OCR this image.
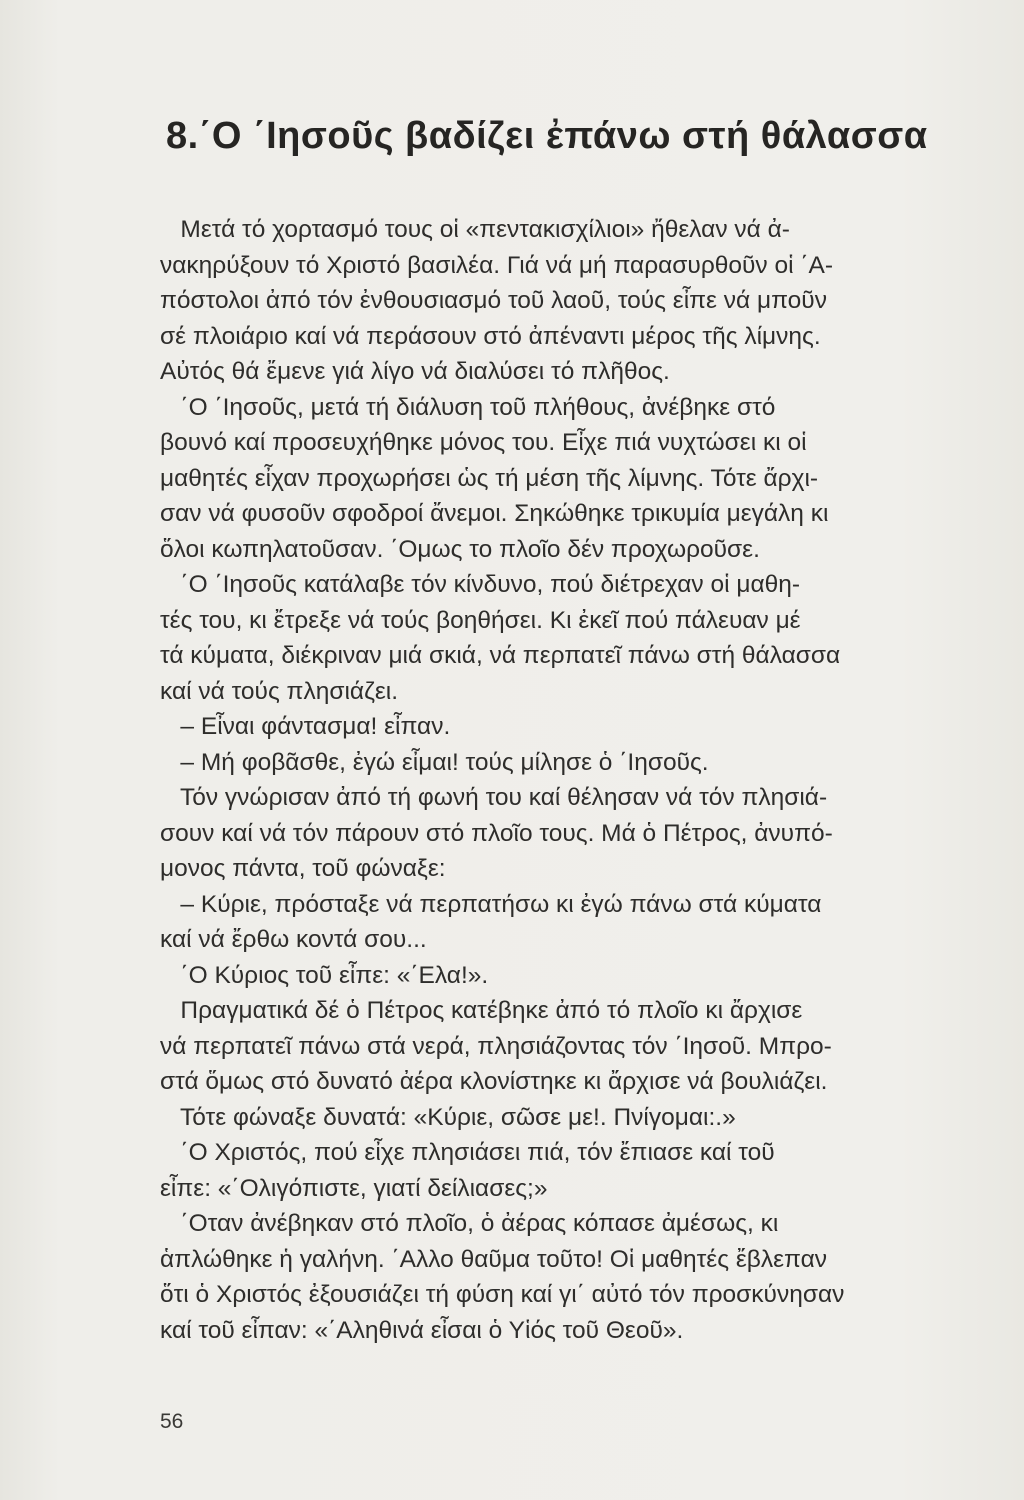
8.΄Ο ΄Ιησοῦς βαδίζει ἐπάνω στή θάλασσα
Μετά τό χορτασμό τους οἱ «πεντακισχίλιοι» ἤθελαν νά ἀ-
νακηρύξουν τό Χριστό βασιλέα. Γιά νά μή παρασυρθοῦν οἱ ΄Α-
πόστολοι ἀπό τόν ἐνθουσιασμό τοῦ λαοῦ, τούς εἶπε νά μποῦν
σέ πλοιάριο καί νά περάσουν στό ἀπέναντι μέρος τῆς λίμνης.
Αὐτός θά ἔμενε γιά λίγο νά διαλύσει τό πλῆθος.
΄Ο ΄Ιησοῦς, μετά τή διάλυση τοῦ πλήθους, ἀνέβηκε στό
βουνό καί προσευχήθηκε μόνος του. Εἶχε πιά νυχτώσει κι οἱ
μαθητές εἶχαν προχωρήσει ὡς τή μέση τῆς λίμνης. Τότε ἄρχι-
σαν νά φυσοῦν σφοδροί ἄνεμοι. Σηκώθηκε τρικυμία μεγάλη κι
ὅλοι κωπηλατοῦσαν. ΄Ομως το πλοῖο δέν προχωροῦσε.
΄Ο ΄Ιησοῦς κατάλαβε τόν κίνδυνο, πού διέτρεχαν οἱ μαθη-
τές του, κι ἔτρεξε νά τούς βοηθήσει. Κι ἐκεῖ πού πάλευαν μέ
τά κύματα, διέκριναν μιά σκιά, νά περπατεῖ πάνω στή θάλασσα
καί νά τούς πλησιάζει.
– Εἶναι φάντασμα! εἶπαν.
– Μή φοβᾶσθε, ἐγώ εἶμαι! τούς μίλησε ὁ ΄Ιησοῦς.
Τόν γνώρισαν ἀπό τή φωνή του καί θέλησαν νά τόν πλησιά-
σουν καί νά τόν πάρουν στό πλοῖο τους. Μά ὁ Πέτρος, ἀνυπό-
μονος πάντα, τοῦ φώναξε:
– Κύριε, πρόσταξε νά περπατήσω κι ἐγώ πάνω στά κύματα
καί νά ἔρθω κοντά σου...
΄Ο Κύριος τοῦ εἶπε: «΄Ελα!».
Πραγματικά δέ ὁ Πέτρος κατέβηκε ἀπό τό πλοῖο κι ἄρχισε
νά περπατεῖ πάνω στά νερά, πλησιάζοντας τόν ΄Ιησοῦ. Μπρο-
στά ὅμως στό δυνατό ἀέρα κλονίστηκε κι ἄρχισε νά βουλιάζει.
Τότε φώναξε δυνατά: «Κύριε, σῶσε με!. Πνίγομαι:.»
΄Ο Χριστός, πού εἶχε πλησιάσει πιά, τόν ἔπιασε καί τοῦ
εἶπε: «΄Ολιγόπιστε, γιατί δείλιασες;»
΄Οταν ἀνέβηκαν στό πλοῖο, ὁ ἀέρας κόπασε ἀμέσως, κι
ἁπλώθηκε ἡ γαλήνη. ΄Αλλο θαῦμα τοῦτο! Οἱ μαθητές ἔβλεπαν
ὅτι ὁ Χριστός ἐξουσιάζει τή φύση καί γι΄ αὐτό τόν προσκύνησαν
καί τοῦ εἶπαν: «΄Αληθινά εἶσαι ὁ Υἱός τοῦ Θεοῦ».
56
